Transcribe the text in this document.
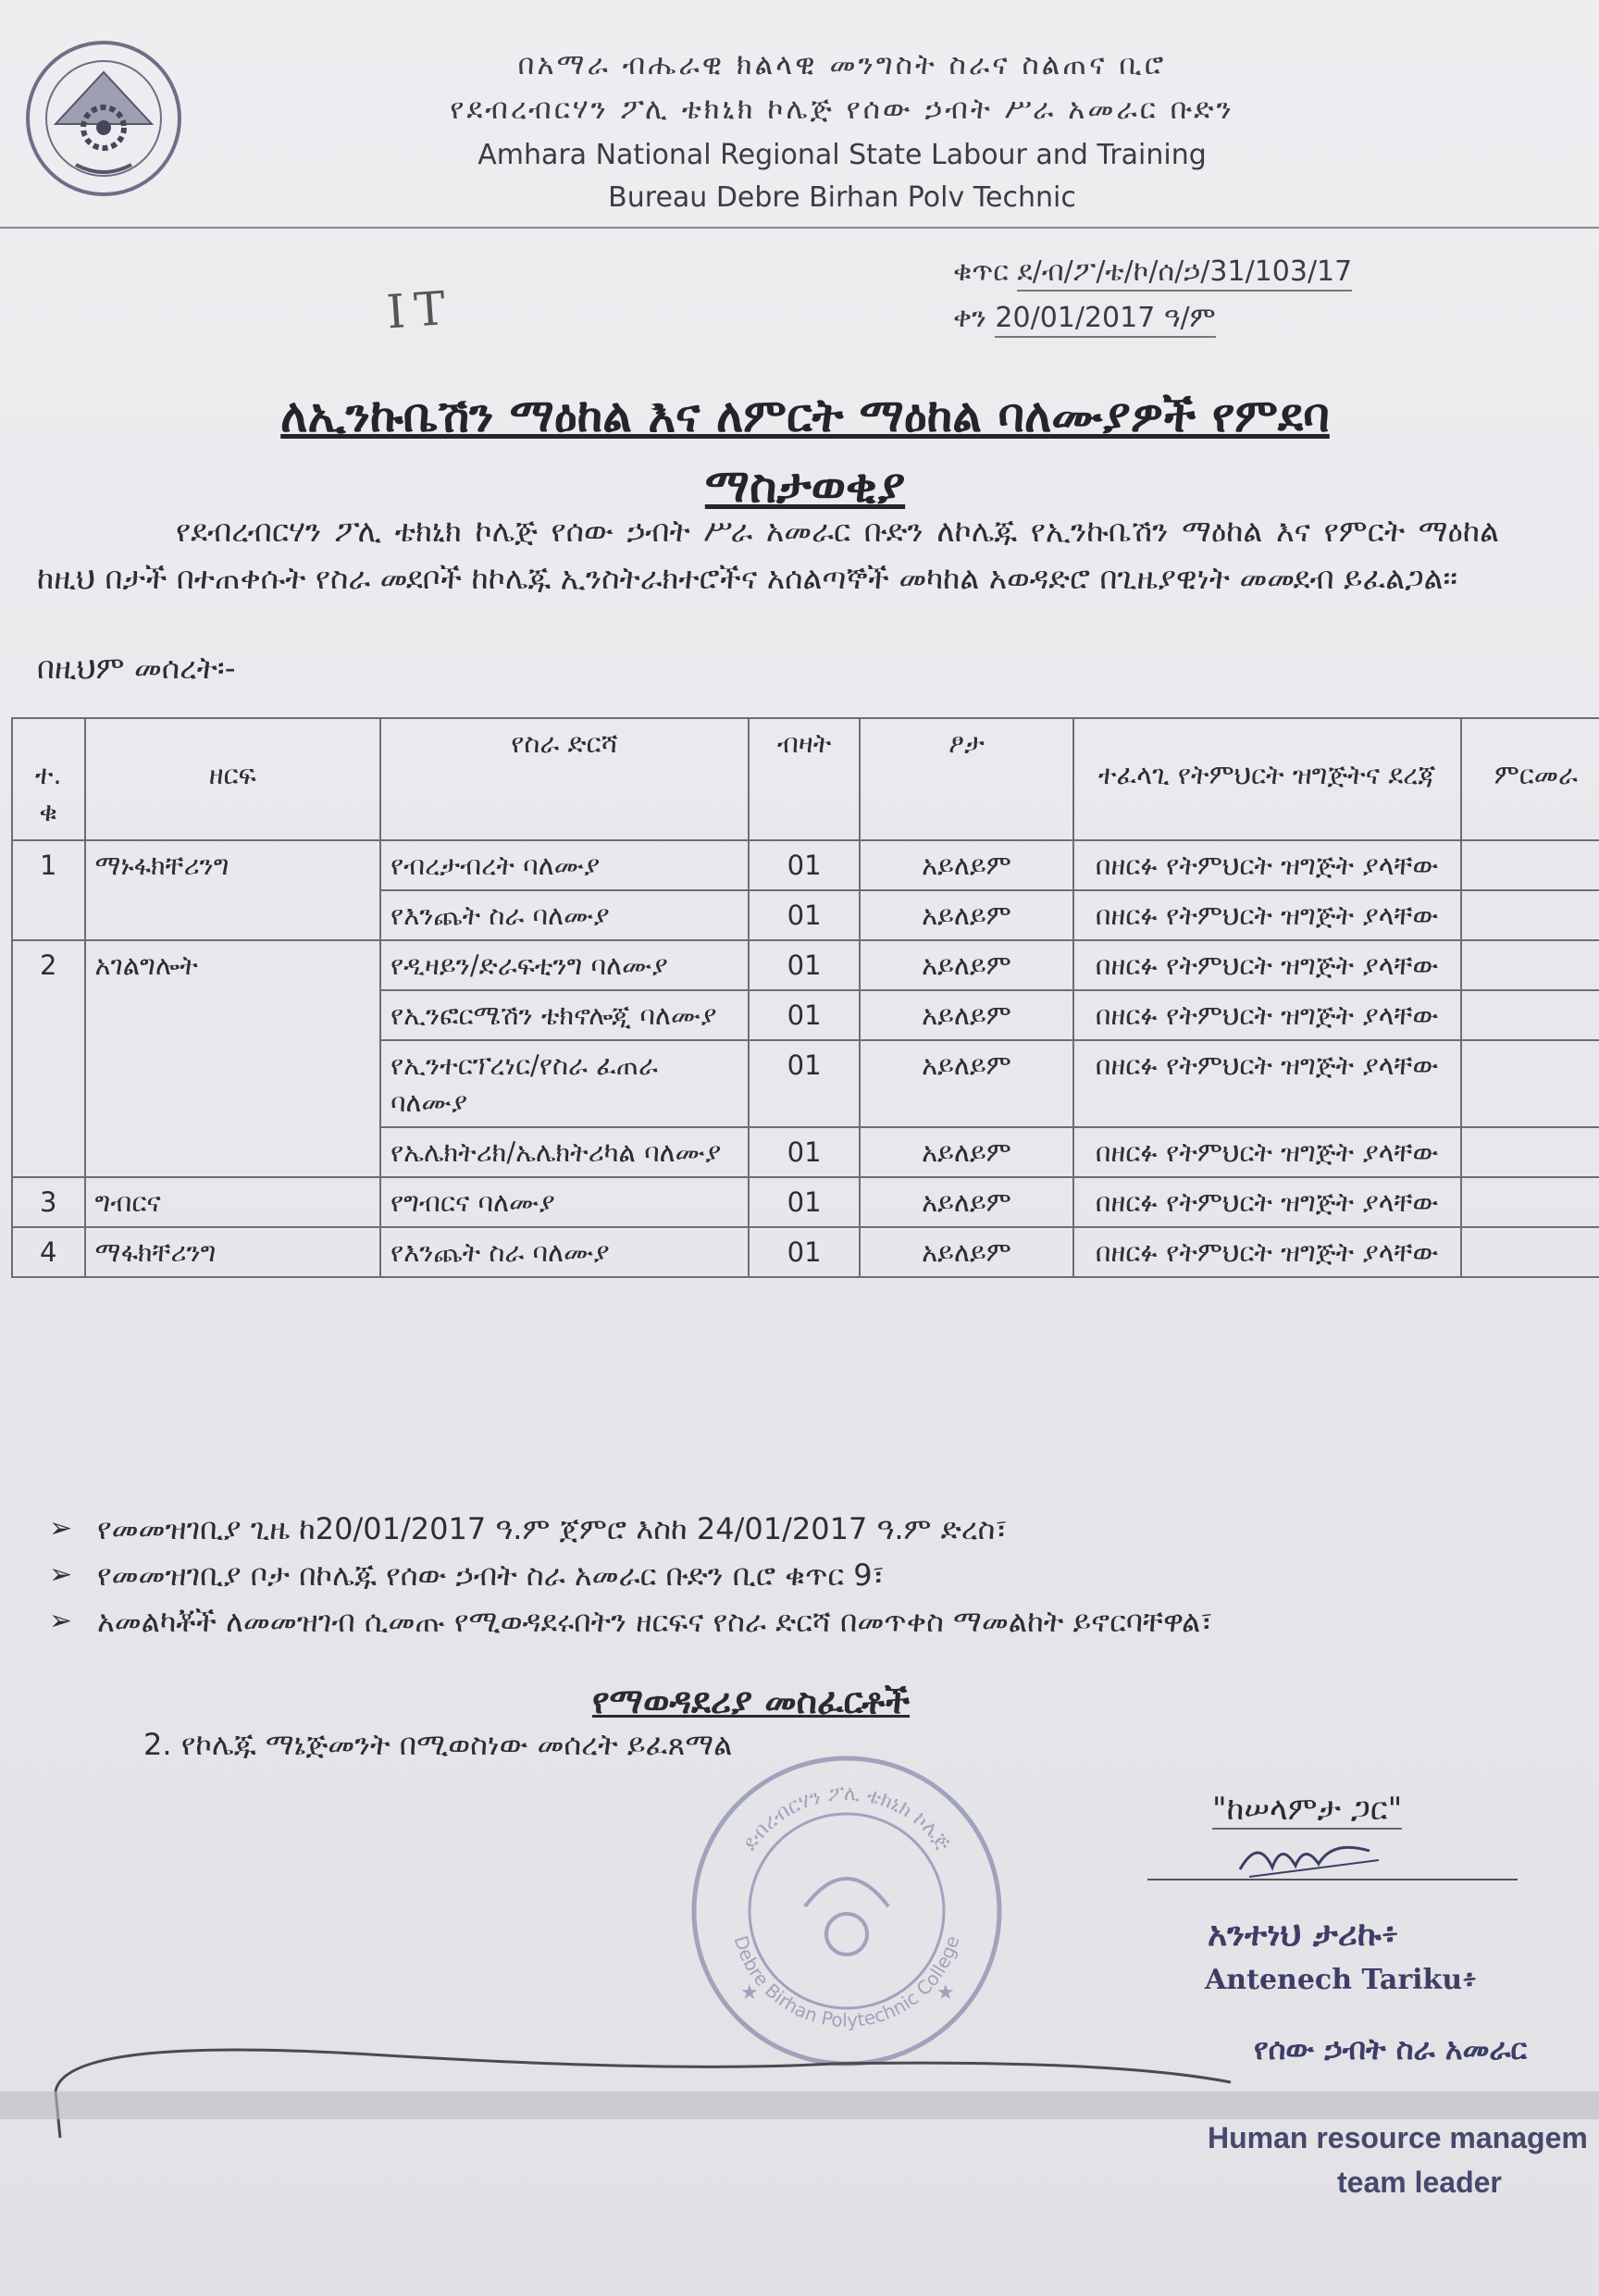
በአማራ ብሔራዊ ክልላዊ መንግስት ስራና ስልጠና ቢሮ
የደብረብርሃን ፖሊ ቴክኒክ ኮሌጅ የሰው ኃብት ሥራ አመራር ቡድን
Amhara National Regional State Labour and Training
Bureau Debre Birhan Polv Technic
IT
ቁጥር ደ/ብ/ፖ/ቴ/ኮ/ሰ/ኃ/31/103/17
ቀን 20/01/2017 ዓ/ም
ለኢንኩቤሽን ማዕከል እና ለምርት ማዕከል ባለሙያዎች የምደባ
ማስታወቂያ
የደብረብርሃን ፖሊ ቴክኒክ ኮሌጅ የሰው ኃብት ሥራ አመራር ቡድን ለኮሌጁ የኢንኩቤሽን ማዕከል እና የምርት ማዕከል ከዚህ በታች በተጠቀሱት የስራ መደቦች ከኮሌጁ ኢንስትራክተሮችና አሰልጣኞች መካከል አወዳድሮ በጊዜያዊነት መመደብ ይፈልጋል፡፡
በዚህም መሰረት፡-
ተ. ቁ	ዘርፍ	የስራ ድርሻ	ብዛት	ፆታ	ተፈላጊ የትምህርት ዝግጅትና ደረጃ	ምርመራ
1	ማኑፋክቸሪንግ	የብረታብረት ባለሙያ	01	አይለይም	በዘርፉ የትምህርት ዝግጅት ያላቸው	
		የእንጨት ስራ ባለሙያ	01	አይለይም	በዘርፉ የትምህርት ዝግጅት ያላቸው	
2	አገልግሎት	የዲዛይን/ድራፍቲንግ ባለሙያ	01	አይለይም	በዘርፉ የትምህርት ዝግጅት ያላቸው	
		የኢንፎርሜሽን ቴክኖሎጂ ባለሙያ	01	አይለይም	በዘርፉ የትምህርት ዝግጅት ያላቸው	
		የኢንተርፕረነር/የስራ ፈጠራ ባለሙያ	01	አይለይም	በዘርፉ የትምህርት ዝግጅት ያላቸው	
		የኤሌክትሪክ/ኤሌክትሪካል ባለሙያ	01	አይለይም	በዘርፉ የትምህርት ዝግጅት ያላቸው	
3	ግብርና	የግብርና ባለሙያ	01	አይለይም	በዘርፉ የትምህርት ዝግጅት ያላቸው	
4	ማፋክቸሪንግ	የእንጨት ስራ ባለሙያ	01	አይለይም	በዘርፉ የትምህርት ዝግጅት ያላቸው	
➢ የመመዝገቢያ ጊዜ ከ20/01/2017 ዓ.ም ጀምሮ እስከ 24/01/2017 ዓ.ም ድረስ፣
➢ የመመዝገቢያ ቦታ በኮሌጁ የሰው ኃብት ስራ አመራር ቡድን ቢሮ ቁጥር 9፣
➢ አመልካቾች ለመመዝገብ ሲመጡ የሚወዳደሩበትን ዘርፍና የስራ ድርሻ በመጥቀስ ማመልከት ይኖርባቸዋል፣
የማወዳደሪያ መስፈርቶች
2. የኮሌጁ ማኔጅመንት በሚወስነው መሰረት ይፈጸማል
ደብረብርሃን ፖሊ ቴክኒክ ኮሌጅ
Debre Birhan Polytechnic College
★	★
"ከሠላምታ ጋር"
አንተነህ ታሪኩ፥
Antenech Tariku፥
የሰው ኃብት ስራ አመራር
Human resource managem
team leader
